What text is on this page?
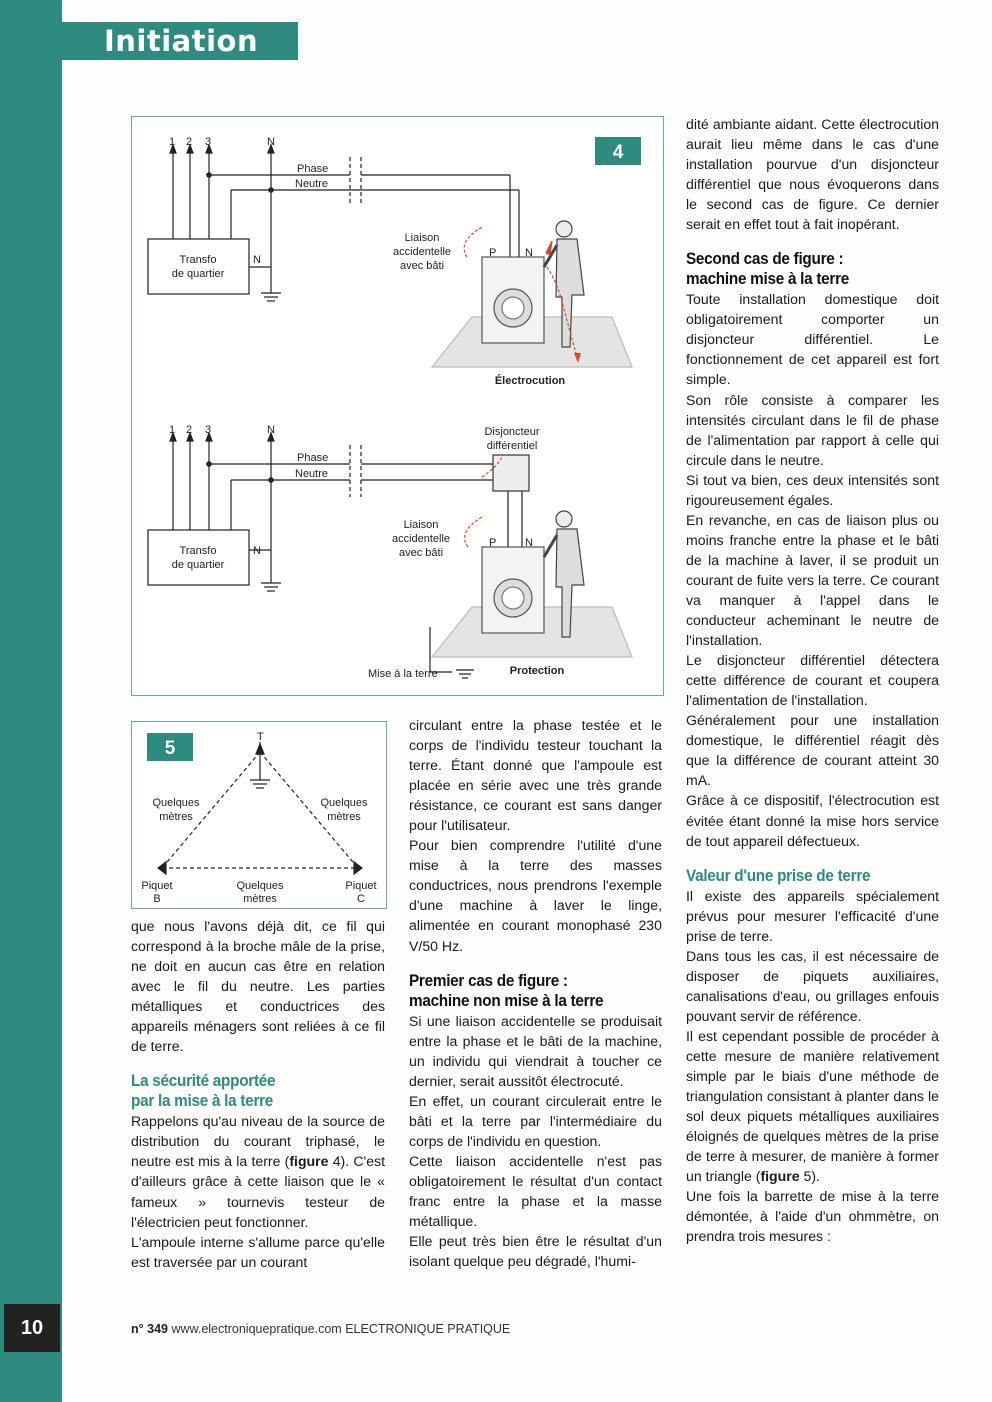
Initiation
4
1 2 3	N
Phase
Neutre
Transfo
de quartier
N
Liaison
accidentelle
avec bâti
P	N
Électrocution
1 2 3	N
Phase
Neutre
Transfo
de quartier
N
Liaison
accidentelle
avec bâti
Disjoncteur
différentiel
P	N
Mise à la terre	Protection
5
T
Quelques
mètres
Quelques
mètres
Piquet
B
Quelques
mètres
Piquet
C

que nous l'avons déjà dit, ce fil qui correspond à la broche mâle de la prise, ne doit en aucun cas être en relation avec le fil du neutre. Les parties métalliques et conductrices des appareils ménagers sont reliées à ce fil de terre.

La sécurité apportée
par la mise à la terre

Rappelons qu'au niveau de la source de distribution du courant triphasé, le neutre est mis à la terre (figure 4). C'est d'ailleurs grâce à cette liaison que le « fameux » tournevis testeur de l'électricien peut fonctionner.

L'ampoule interne s'allume parce qu'elle est traversée par un courant

circulant entre la phase testée et le corps de l'individu testeur touchant la terre. Étant donné que l'ampoule est placée en série avec une très grande résistance, ce courant est sans danger pour l'utilisateur.

Pour bien comprendre l'utilité d'une mise à la terre des masses conductrices, nous prendrons l'exemple d'une machine à laver le linge, alimentée en courant monophasé 230 V/50 Hz.

Premier cas de figure :
machine non mise à la terre

Si une liaison accidentelle se produisait entre la phase et le bâti de la machine, un individu qui viendrait à toucher ce dernier, serait aussitôt électrocuté.

En effet, un courant circulerait entre le bâti et la terre par l'intermédiaire du corps de l'individu en question.

Cette liaison accidentelle n'est pas obligatoirement le résultat d'un contact franc entre la phase et la masse métallique.

Elle peut très bien être le résultat d'un isolant quelque peu dégradé, l'humi-

dité ambiante aidant. Cette électrocution aurait lieu même dans le cas d'une installation pourvue d'un disjoncteur différentiel que nous évoquerons dans le second cas de figure. Ce dernier serait en effet tout à fait inopérant.

Second cas de figure :
machine mise à la terre

Toute installation domestique doit obligatoirement comporter un disjoncteur différentiel. Le fonctionnement de cet appareil est fort simple.

Son rôle consiste à comparer les intensités circulant dans le fil de phase de l'alimentation par rapport à celle qui circule dans le neutre.

Si tout va bien, ces deux intensités sont rigoureusement égales.

En revanche, en cas de liaison plus ou moins franche entre la phase et le bâti de la machine à laver, il se produit un courant de fuite vers la terre. Ce courant va manquer à l'appel dans le conducteur acheminant le neutre de l'installation.

Le disjoncteur différentiel détectera cette différence de courant et coupera l'alimentation de l'installation.

Généralement pour une installation domestique, le différentiel réagit dès que la différence de courant atteint 30 mA.

Grâce à ce dispositif, l'électrocution est évitée étant donné la mise hors service de tout appareil défectueux.

Valeur d'une prise de terre

Il existe des appareils spécialement prévus pour mesurer l'efficacité d'une prise de terre.

Dans tous les cas, il est nécessaire de disposer de piquets auxiliaires, canalisations d'eau, ou grillages enfouis pouvant servir de référence.

Il est cependant possible de procéder à cette mesure de manière relativement simple par le biais d'une méthode de triangulation consistant à planter dans le sol deux piquets métalliques auxiliaires éloignés de quelques mètres de la prise de terre à mesurer, de manière à former un triangle (figure 5).

Une fois la barrette de mise à la terre démontée, à l'aide d'un ohmmètre, on prendra trois mesures :

10	n° 349 www.electroniquepratique.com ELECTRONIQUE PRATIQUE
